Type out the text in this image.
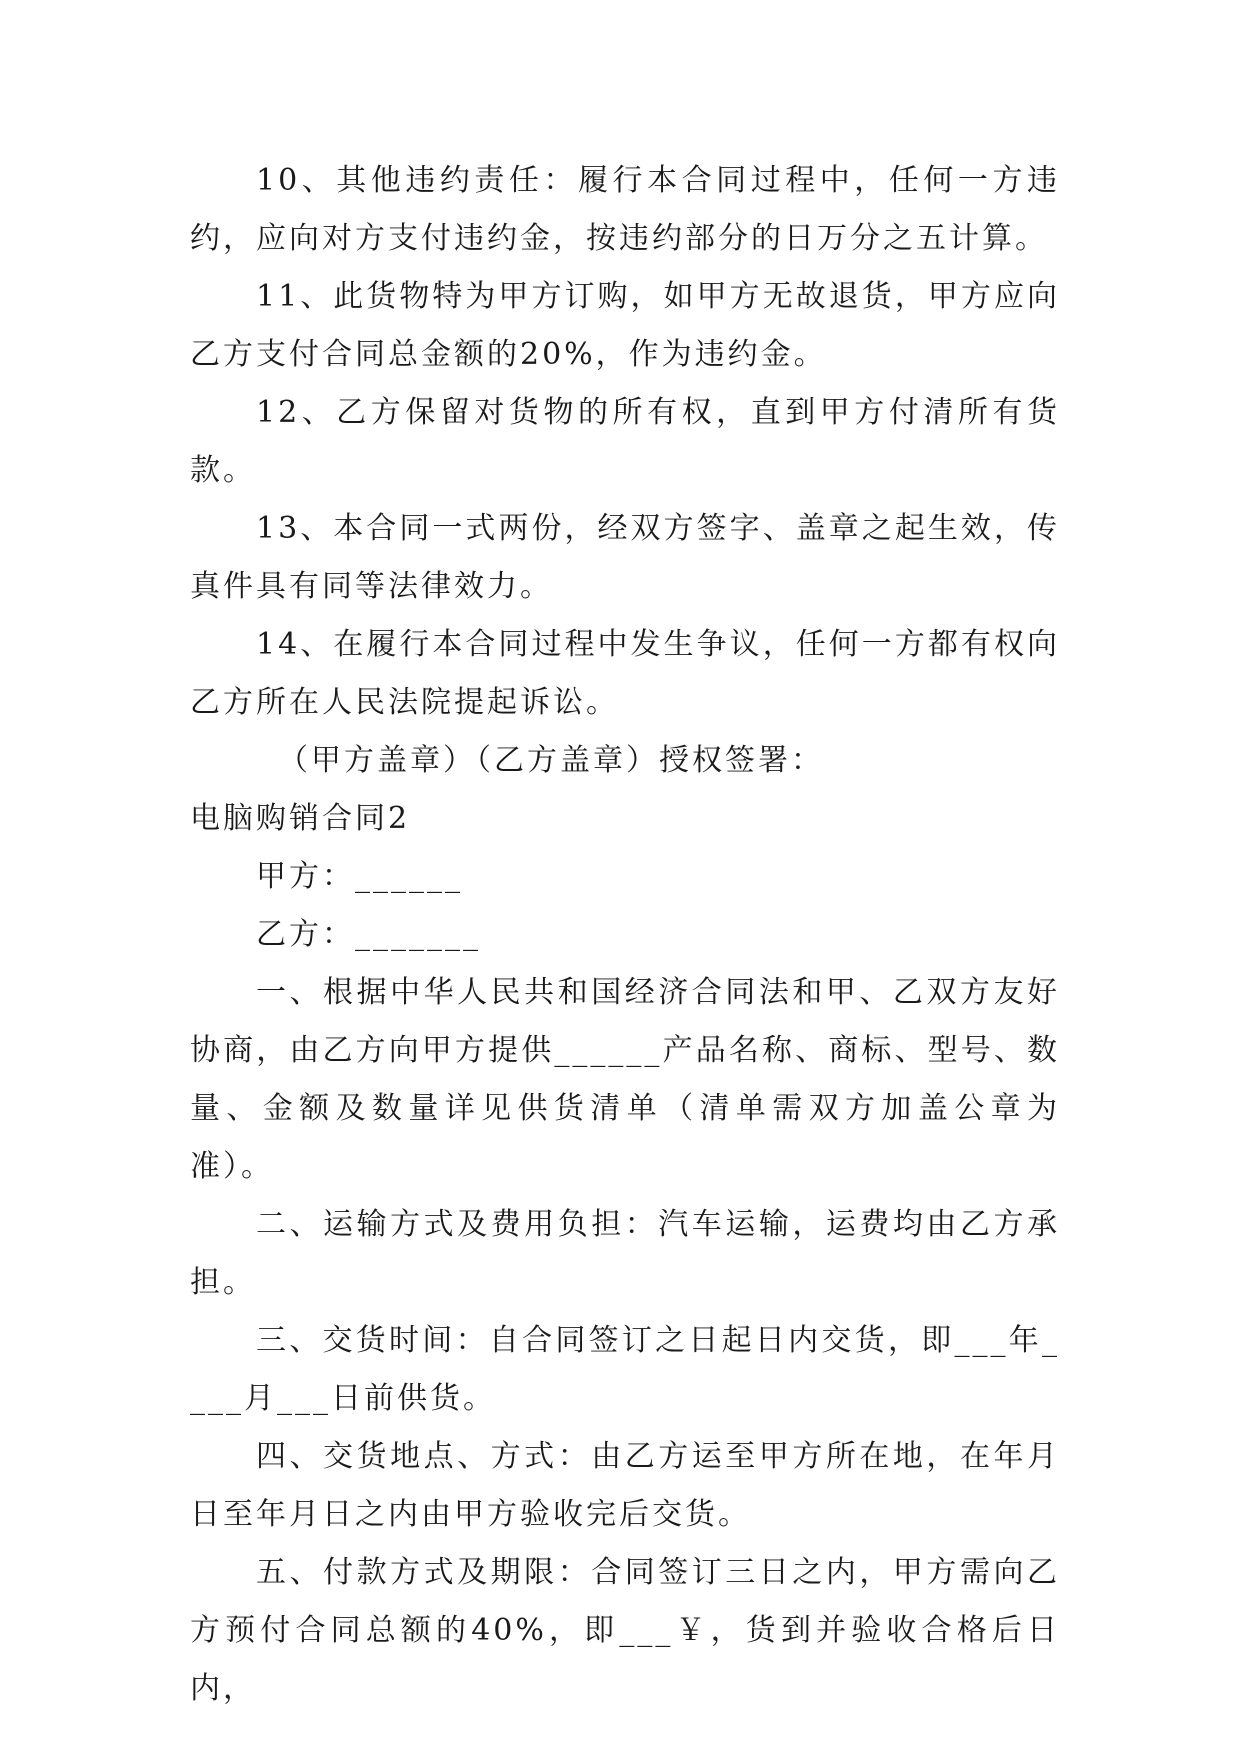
10、其他违约责任：履行本合同过程中，任何一方违约，应向对方支付违约金，按违约部分的日万分之五计算。

11、此货物特为甲方订购，如甲方无故退货，甲方应向乙方支付合同总金额的20%，作为违约金。

12、乙方保留对货物的所有权，直到甲方付清所有货款。

13、本合同一式两份，经双方签字、盖章之起生效，传真件具有同等法律效力。

14、在履行本合同过程中发生争议，任何一方都有权向乙方所在人民法院提起诉讼。

（甲方盖章）（乙方盖章）授权签署：

电脑购销合同2

甲方：______

乙方：_______

一、根据中华人民共和国经济合同法和甲、乙双方友好协商，由乙方向甲方提供______产品名称、商标、型号、数量、金额及数量详见供货清单（清单需双方加盖公章为准）。

二、运输方式及费用负担：汽车运输，运费均由乙方承担。

三、交货时间：自合同签订之日起日内交货，即___年____月___日前供货。

四、交货地点、方式：由乙方运至甲方所在地，在年月日至年月日之内由甲方验收完后交货。

五、付款方式及期限：合同签订三日之内，甲方需向乙方预付合同总额的40%，即___￥，货到并验收合格后日内，
